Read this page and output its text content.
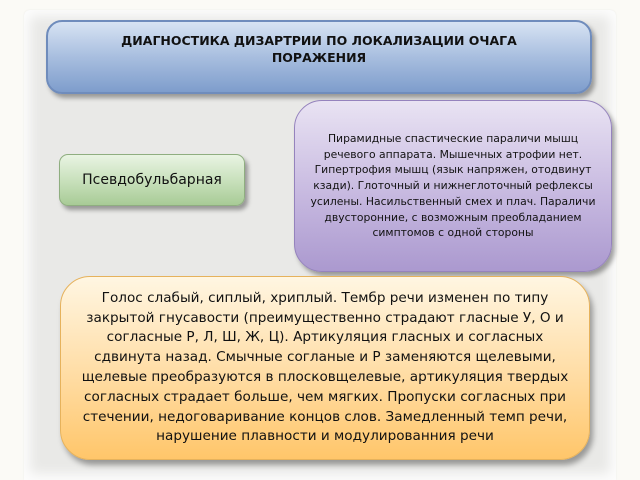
ДИАГНОСТИКА ДИЗАРТРИИ ПО ЛОКАЛИЗАЦИИ ОЧАГА ПОРАЖЕНИЯ
Псевдобульбарная
Пирамидные спастические параличи мышц речевого аппарата. Мышечных атрофии нет. Гипертрофия мышц (язык напряжен, отодвинут кзади). Глоточный и нижнеглоточный рефлексы усилены. Насильственный смех и плач. Параличи двусторонние, с возможным преобладанием симптомов с одной стороны
Голос слабый, сиплый, хриплый. Тембр речи изменен по типу закрытой гнусавости (преимущественно страдают гласные У, О и согласные Р, Л, Ш, Ж, Ц). Артикуляция гласных и согласных сдвинута назад. Смычные согланые и Р заменяются щелевыми, щелевые преобразуются в плосковщелевые, артикуляция твердых согласных страдает больше, чем мягких. Пропуски согласных при стечении, недоговаривание концов слов. Замедленный темп речи, нарушение плавности и модулированния речи
